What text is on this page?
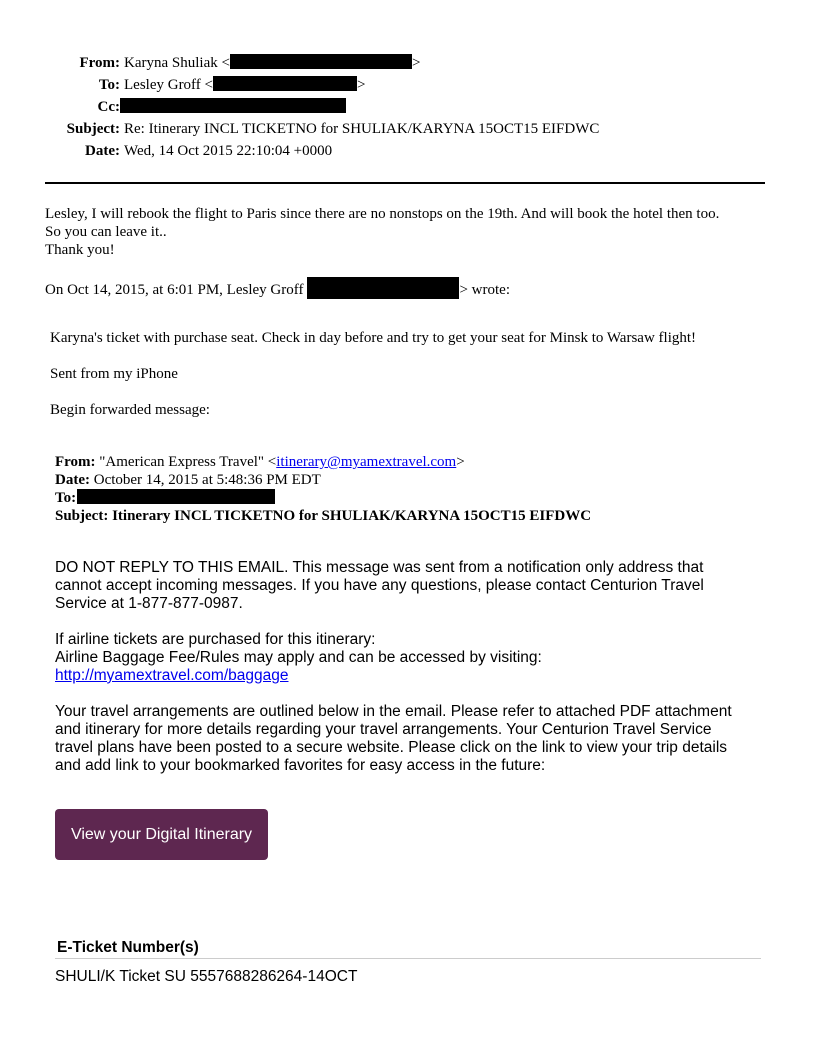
From: Karyna Shuliak <	>
To: Lesley Groff <	>
Cc:
Subject: Re: Itinerary INCL TICKETNO for SHULIAK/KARYNA 15OCT15 EIFDWC
Date: Wed, 14 Oct 2015 22:10:04 +0000

Lesley, I will rebook the flight to Paris since there are no nonstops on the 19th. And will book the hotel then too.

So you can leave it..

Thank you!

On Oct 14, 2015, at 6:01 PM, Lesley Groff	> wrote:

Karyna's ticket with purchase seat. Check in day before and try to get your seat for Minsk to Warsaw flight!

Sent from my iPhone

Begin forwarded message:

From: "American Express Travel" <itinerary@myamextravel.com>

Date: October 14, 2015 at 5:48:36 PM EDT

To:

Subject: Itinerary INCL TICKETNO for SHULIAK/KARYNA 15OCT15 EIFDWC

DO NOT REPLY TO THIS EMAIL. This message was sent from a notification only address that

cannot accept incoming messages. If you have any questions, please contact Centurion Travel

Service at 1-877-877-0987.

If airline tickets are purchased for this itinerary:

Airline Baggage Fee/Rules may apply and can be accessed by visiting:

http://myamextravel.com/baggage

Your travel arrangements are outlined below in the email. Please refer to attached PDF attachment

and itinerary for more details regarding your travel arrangements. Your Centurion Travel Service

travel plans have been posted to a secure website. Please click on the link to view your trip details

and add link to your bookmarked favorites for easy access in the future:

View your Digital Itinerary

E-Ticket Number(s)

SHULI/K Ticket SU 5557688286264-14OCT
